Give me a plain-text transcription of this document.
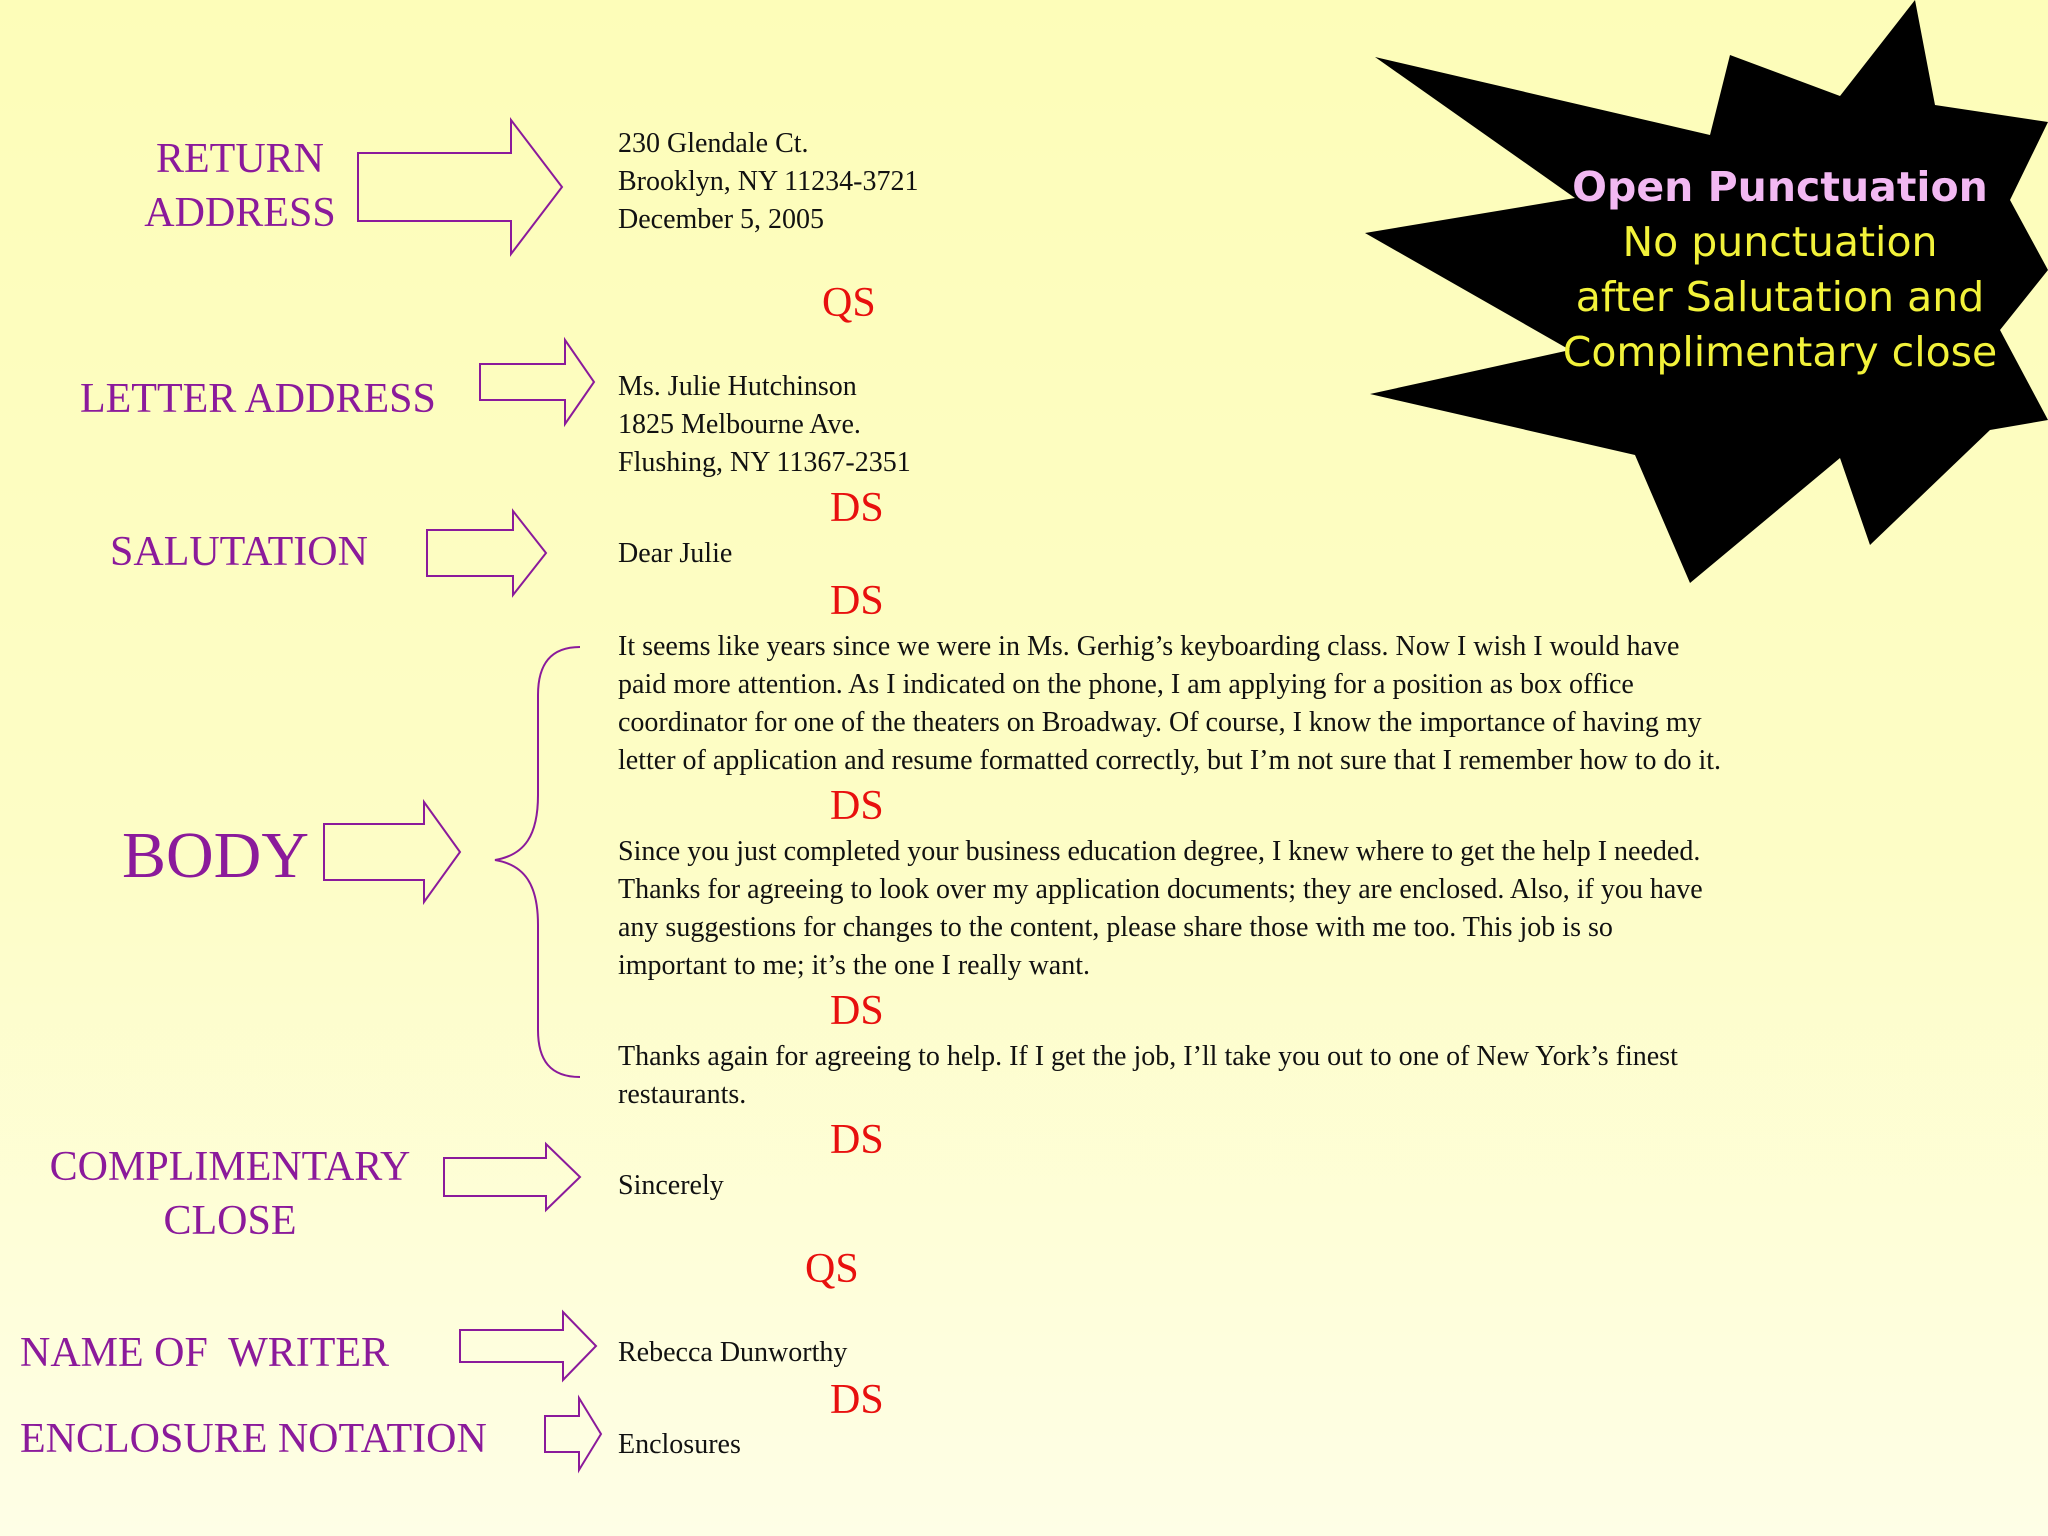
Open Punctuation
No punctuation
after Salutation and
Complimentary close
RETURN
ADDRESS
LETTER ADDRESS
SALUTATION
BODY
COMPLIMENTARY
CLOSE
NAME OF  WRITER
ENCLOSURE NOTATION
230 Glendale Ct.
Brooklyn, NY 11234-3721
December 5, 2005
QS
Ms. Julie Hutchinson
1825 Melbourne Ave.
Flushing, NY 11367-2351
DS
Dear Julie
DS
It seems like years since we were in Ms. Gerhig’s keyboarding class. Now I wish I would have
paid more attention. As I indicated on the phone, I am applying for a position as box office
coordinator for one of the theaters on Broadway. Of course, I know the importance of having my
letter of application and resume formatted correctly, but I’m not sure that I remember how to do it.
DS
Since you just completed your business education degree, I knew where to get the help I needed.
Thanks for agreeing to look over my application documents; they are enclosed. Also, if you have
any suggestions for changes to the content, please share those with me too. This job is so
important to me; it’s the one I really want.
DS
Thanks again for agreeing to help. If I get the job, I’ll take you out to one of New York’s finest
restaurants.
DS
Sincerely
QS
Rebecca Dunworthy
DS
Enclosures
